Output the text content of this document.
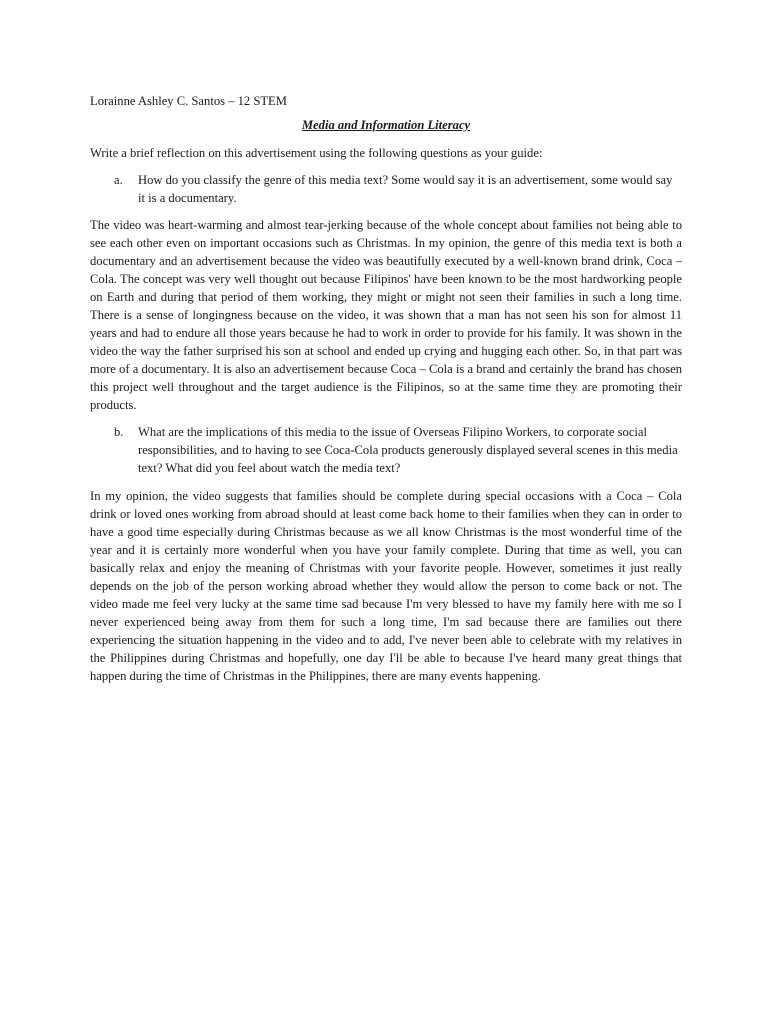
Lorainne Ashley C. Santos – 12 STEM

Media and Information Literacy

Write a brief reflection on this advertisement using the following questions as your guide:

a.	How do you classify the genre of this media text? Some would say it is an advertisement, some would say it is a documentary.

The video was heart-warming and almost tear-jerking because of the whole concept about families not being able to see each other even on important occasions such as Christmas. In my opinion, the genre of this media text is both a documentary and an advertisement because the video was beautifully executed by a well-known brand drink, Coca – Cola. The concept was very well thought out because Filipinos' have been known to be the most hardworking people on Earth and during that period of them working, they might or might not seen their families in such a long time. There is a sense of longingness because on the video, it was shown that a man has not seen his son for almost 11 years and had to endure all those years because he had to work in order to provide for his family. It was shown in the video the way the father surprised his son at school and ended up crying and hugging each other. So, in that part was more of a documentary. It is also an advertisement because Coca – Cola is a brand and certainly the brand has chosen this project well throughout and the target audience is the Filipinos, so at the same time they are promoting their products.

b.	What are the implications of this media to the issue of Overseas Filipino Workers, to corporate social responsibilities, and to having to see Coca-Cola products generously displayed several scenes in this media text? What did you feel about watch the media text?

In my opinion, the video suggests that families should be complete during special occasions with a Coca – Cola drink or loved ones working from abroad should at least come back home to their families when they can in order to have a good time especially during Christmas because as we all know Christmas is the most wonderful time of the year and it is certainly more wonderful when you have your family complete. During that time as well, you can basically relax and enjoy the meaning of Christmas with your favorite people. However, sometimes it just really depends on the job of the person working abroad whether they would allow the person to come back or not. The video made me feel very lucky at the same time sad because I'm very blessed to have my family here with me so I never experienced being away from them for such a long time, I'm sad because there are families out there experiencing the situation happening in the video and to add, I've never been able to celebrate with my relatives in the Philippines during Christmas and hopefully, one day I'll be able to because I've heard many great things that happen during the time of Christmas in the Philippines, there are many events happening.
